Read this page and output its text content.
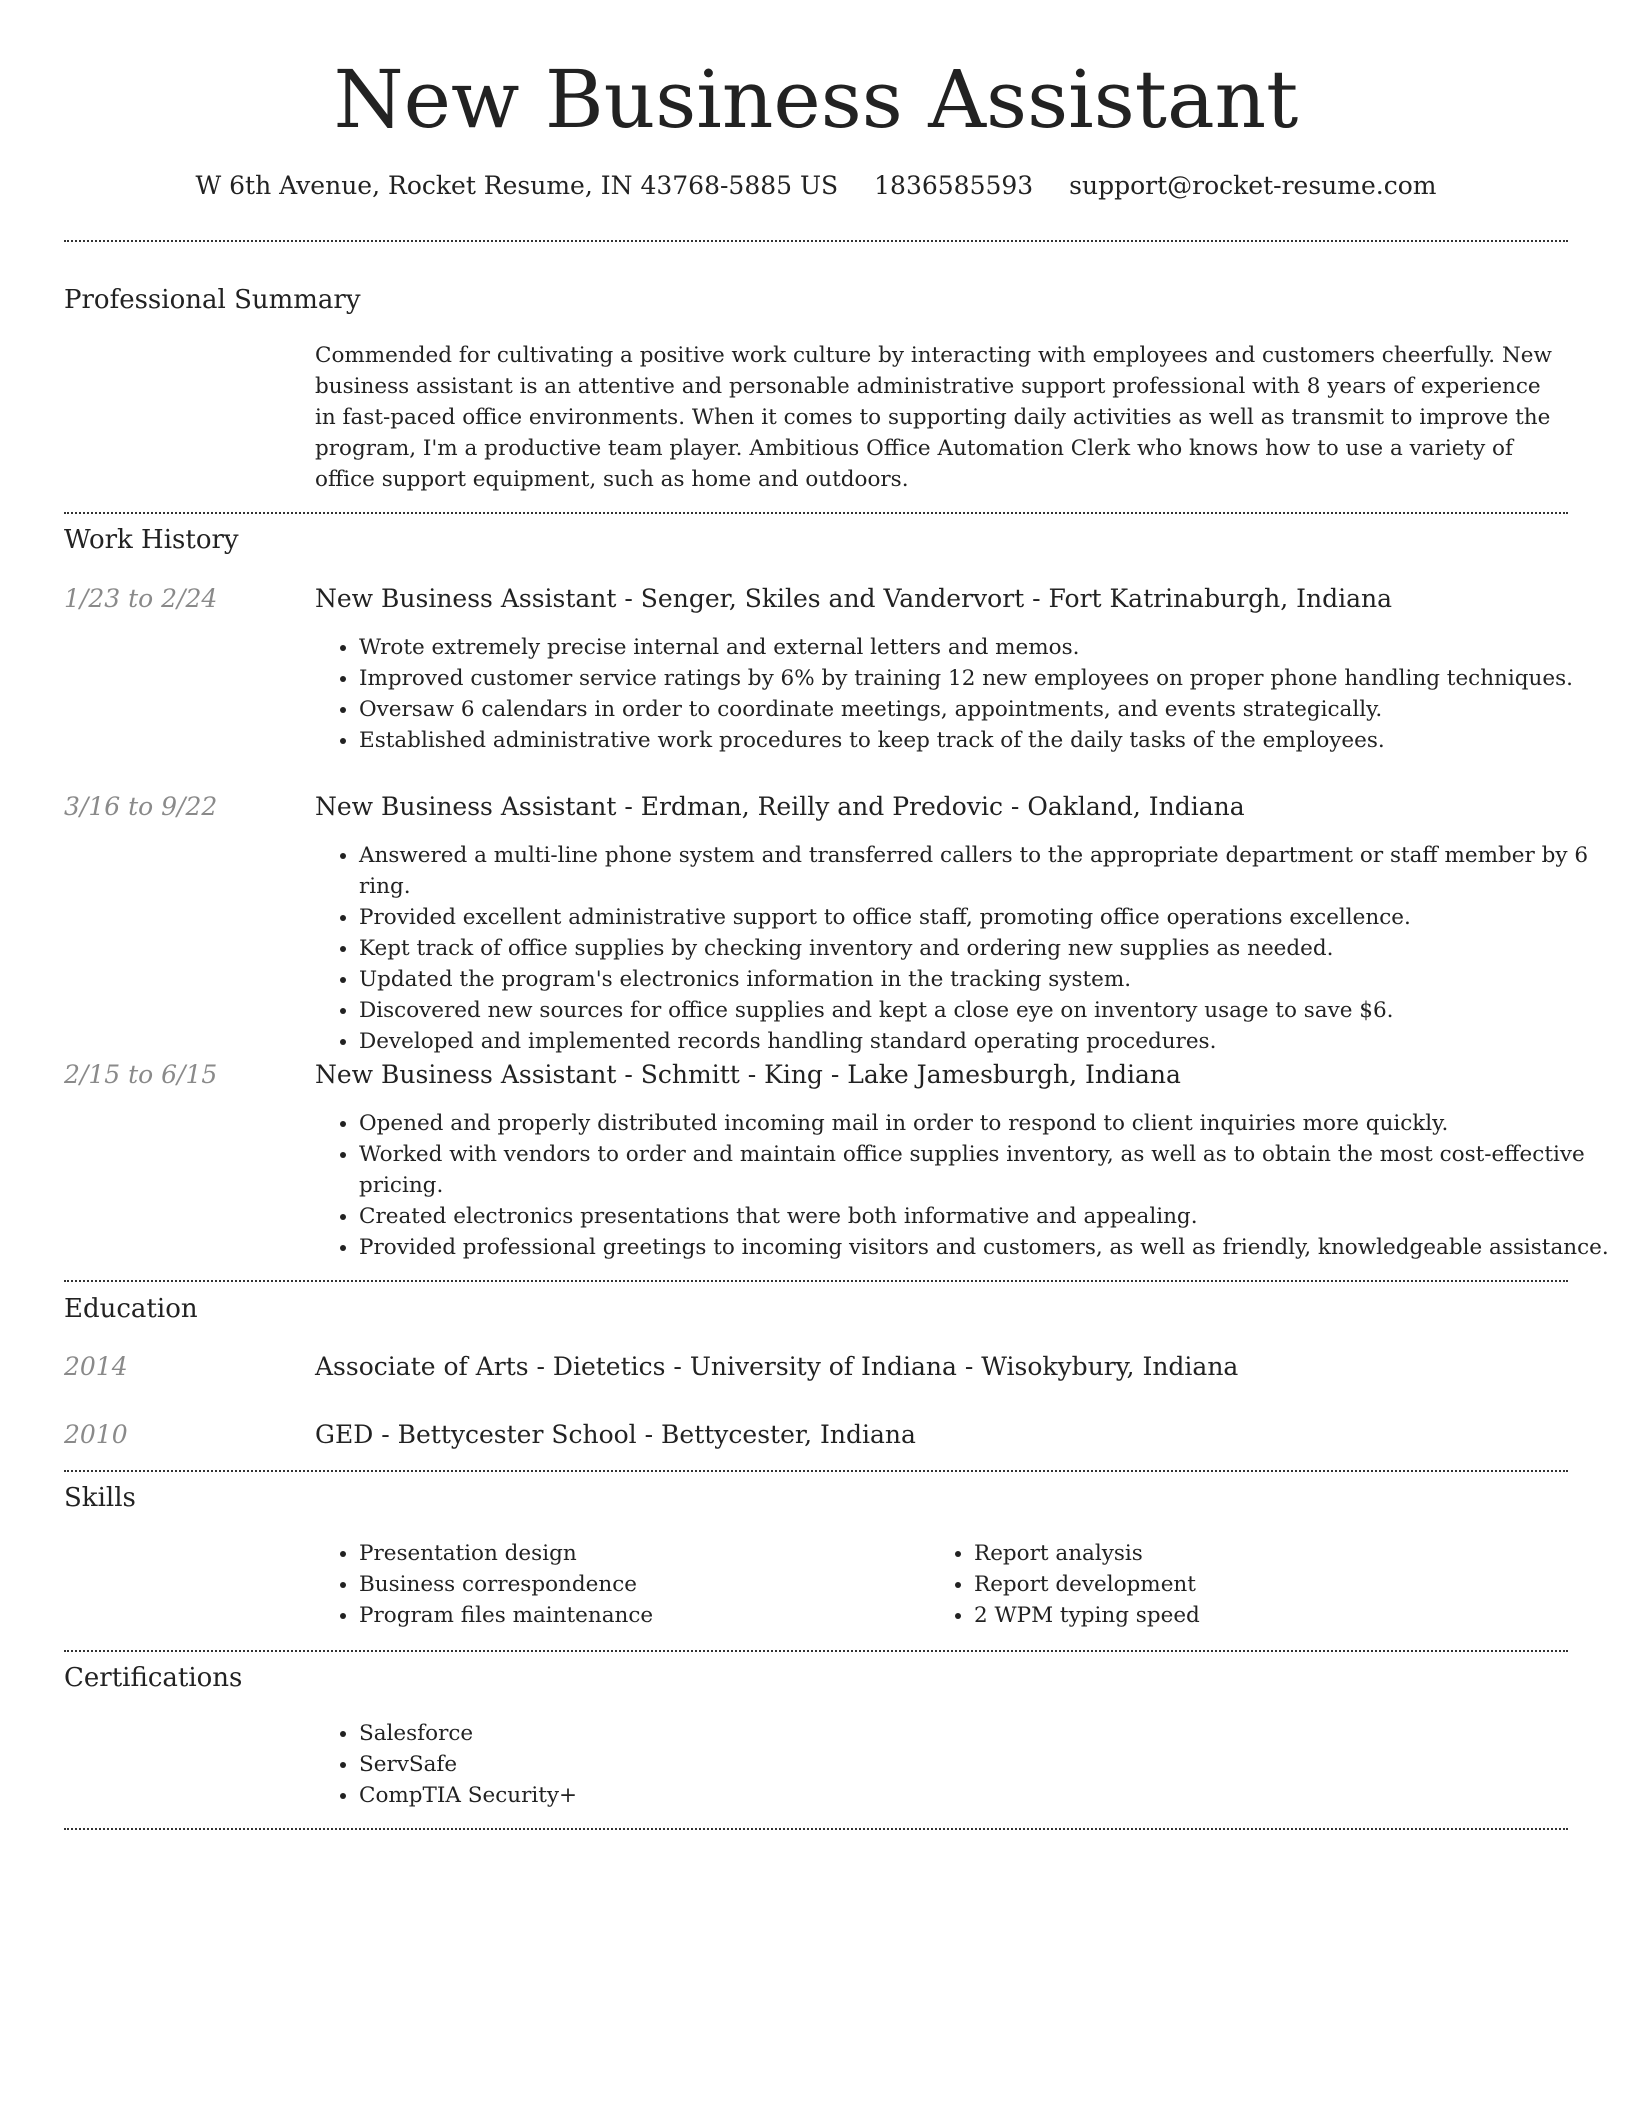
New Business Assistant
W 6th Avenue, Rocket Resume, IN 43768-5885 US 1836585593 support@rocket-resume.com
Professional Summary
Commended for cultivating a positive work culture by interacting with employees and customers cheerfully. New business assistant is an attentive and personable administrative support professional with 8 years of experience in fast-paced office environments. When it comes to supporting daily activities as well as transmit to improve the program, I'm a productive team player. Ambitious Office Automation Clerk who knows how to use a variety of office support equipment, such as home and outdoors.
Work History
1/23 to 2/24	New Business Assistant - Senger, Skiles and Vandervort - Fort Katrinaburgh, Indiana
• Wrote extremely precise internal and external letters and memos.
• Improved customer service ratings by 6% by training 12 new employees on proper phone handling techniques.
• Oversaw 6 calendars in order to coordinate meetings, appointments, and events strategically.
• Established administrative work procedures to keep track of the daily tasks of the employees.
3/16 to 9/22	New Business Assistant - Erdman, Reilly and Predovic - Oakland, Indiana
• Answered a multi-line phone system and transferred callers to the appropriate department or staff member by 6 ring.
• Provided excellent administrative support to office staff, promoting office operations excellence.
• Kept track of office supplies by checking inventory and ordering new supplies as needed.
• Updated the program's electronics information in the tracking system.
• Discovered new sources for office supplies and kept a close eye on inventory usage to save $6.
• Developed and implemented records handling standard operating procedures.
2/15 to 6/15	New Business Assistant - Schmitt - King - Lake Jamesburgh, Indiana
• Opened and properly distributed incoming mail in order to respond to client inquiries more quickly.
• Worked with vendors to order and maintain office supplies inventory, as well as to obtain the most cost-effective pricing.
• Created electronics presentations that were both informative and appealing.
• Provided professional greetings to incoming visitors and customers, as well as friendly, knowledgeable assistance.
Education
2014	Associate of Arts - Dietetics - University of Indiana - Wisokybury, Indiana
2010	GED - Bettycester School - Bettycester, Indiana
Skills
• Presentation design
• Business correspondence
• Program files maintenance
• Report analysis
• Report development
• 2 WPM typing speed
Certifications
• Salesforce
• ServSafe
• CompTIA Security+
